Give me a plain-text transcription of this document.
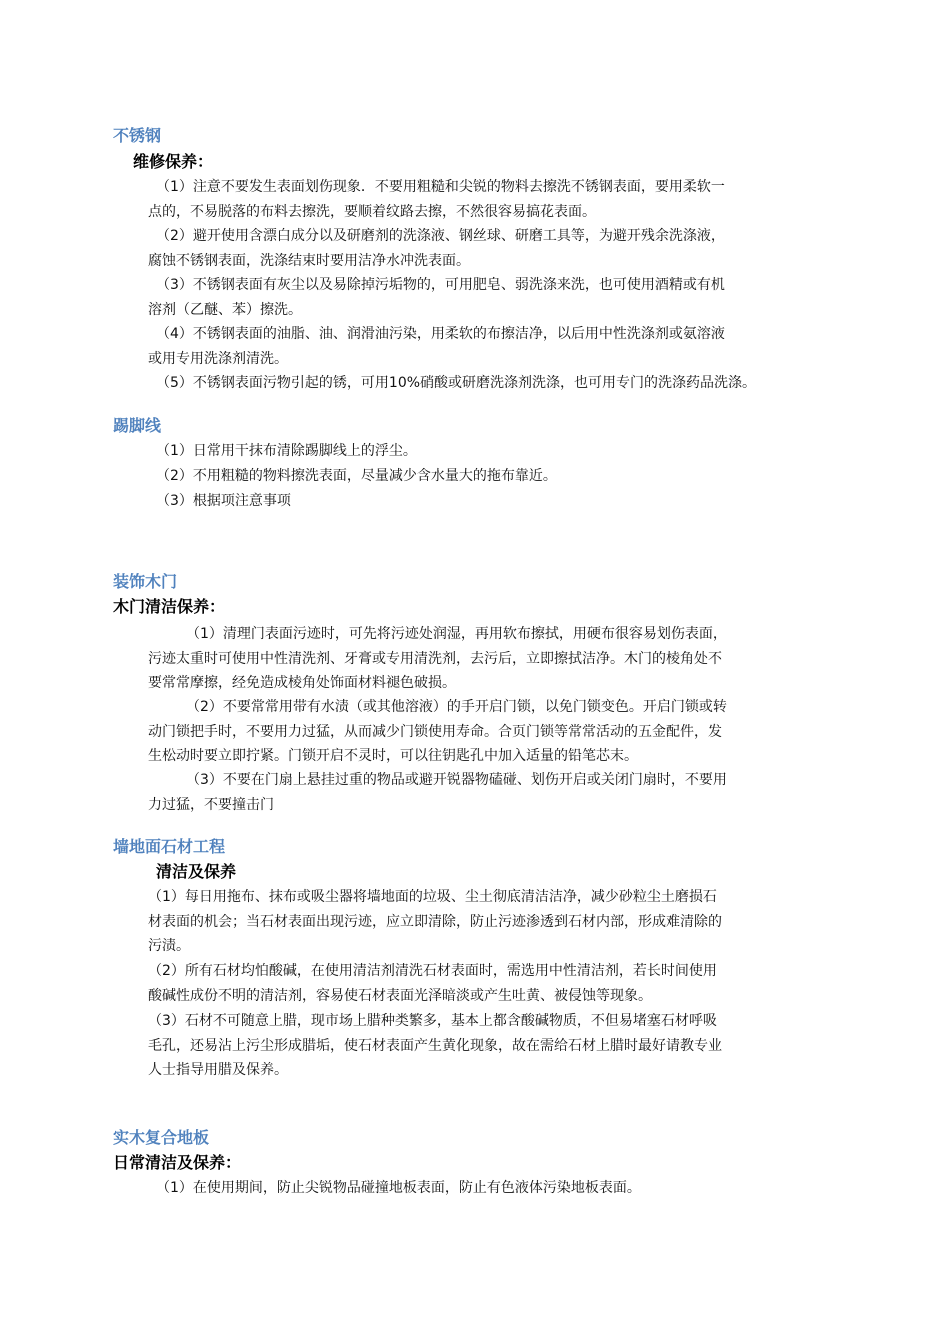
不锈钢
维修保养：
（1）注意不要发生表面划伤现象．不要用粗糙和尖锐的物料去擦洗不锈钢表面，要用柔软一
点的，不易脱落的布料去擦洗，要顺着纹路去擦，不然很容易搞花表面。
（2）避开使用含漂白成分以及研磨剂的洗涤液、钢丝球、研磨工具等，为避开残余洗涤液，
腐蚀不锈钢表面，洗涤结束时要用洁净水冲洗表面。
（3）不锈钢表面有灰尘以及易除掉污垢物的，可用肥皂、弱洗涤来洗，也可使用酒精或有机
溶剂（乙醚、苯）擦洗。
（4）不锈钢表面的油脂、油、润滑油污染，用柔软的布擦洁净，以后用中性洗涤剂或氨溶液
或用专用洗涤剂清洗。
（5）不锈钢表面污物引起的锈，可用10%硝酸或研磨洗涤剂洗涤，也可用专门的洗涤药品洗涤。
踢脚线
（1）日常用干抹布清除踢脚线上的浮尘。
（2）不用粗糙的物料擦洗表面，尽量减少含水量大的拖布靠近。
（3）根据项注意事项
装饰木门
木门清洁保养：
（1）清理门表面污迹时，可先将污迹处润湿，再用软布擦拭，用硬布很容易划伤表面，
污迹太重时可使用中性清洗剂、牙膏或专用清洗剂，去污后，立即擦拭洁净。木门的棱角处不
要常常摩擦，经免造成棱角处饰面材料褪色破损。
（2）不要常常用带有水渍（或其他溶液）的手开启门锁，以免门锁变色。开启门锁或转
动门锁把手时，不要用力过猛，从而减少门锁使用寿命。合页门锁等常常活动的五金配件，发
生松动时要立即拧紧。门锁开启不灵时，可以往钥匙孔中加入适量的铅笔芯末。
（3）不要在门扇上悬挂过重的物品或避开锐器物磕碰、划伤开启或关闭门扇时，不要用
力过猛，不要撞击门
墙地面石材工程
清洁及保养
（1）每日用拖布、抹布或吸尘器将墙地面的垃圾、尘土彻底清洁洁净，减少砂粒尘土磨损石
材表面的机会；当石材表面出现污迹，应立即清除，防止污迹渗透到石材内部，形成难清除的
污渍。
（2）所有石材均怕酸碱，在使用清洁剂清洗石材表面时，需选用中性清洁剂，若长时间使用
酸碱性成份不明的清洁剂，容易使石材表面光泽暗淡或产生吐黄、被侵蚀等现象。
（3）石材不可随意上腊，现市场上腊种类繁多，基本上都含酸碱物质，不但易堵塞石材呼吸
毛孔，还易沾上污尘形成腊垢，使石材表面产生黄化现象，故在需给石材上腊时最好请教专业
人士指导用腊及保养。
实木复合地板
日常清洁及保养：
（1）在使用期间，防止尖锐物品碰撞地板表面，防止有色液体污染地板表面。
